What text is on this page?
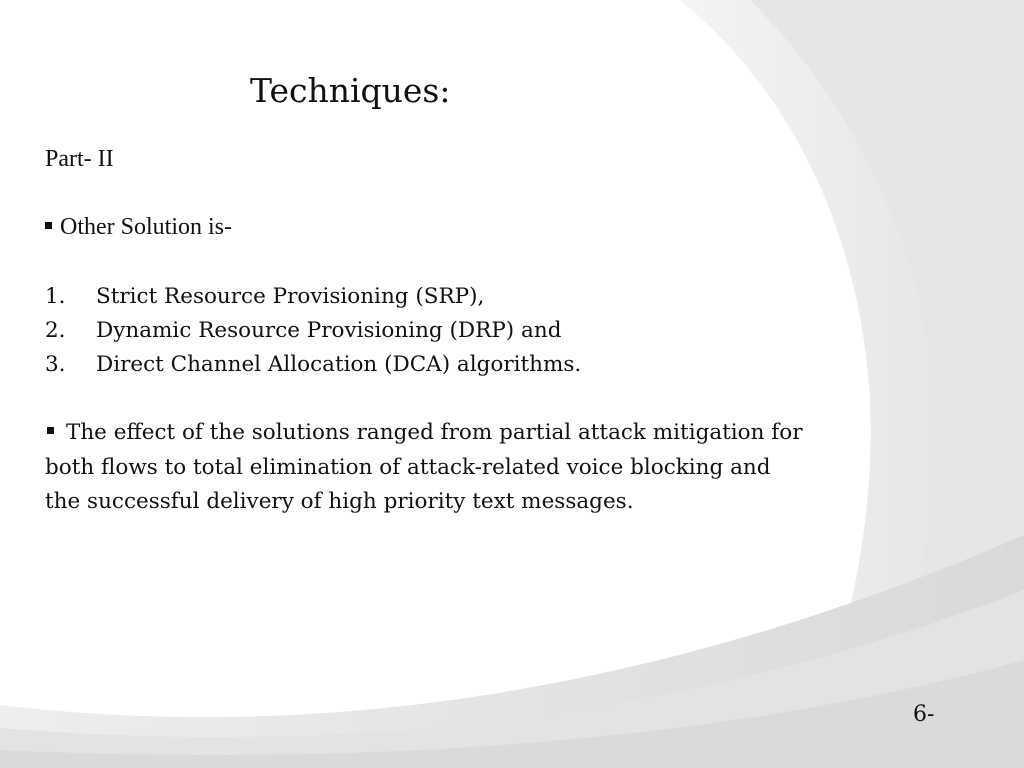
Techniques:
Part- II
Other Solution is-
1. Strict Resource Provisioning (SRP),
2. Dynamic Resource Provisioning (DRP) and
3. Direct Channel Allocation (DCA) algorithms.

The effect of the solutions ranged from partial attack mitigation for both flows to total elimination of attack-related voice blocking and the successful delivery of high priority text messages.

6-
